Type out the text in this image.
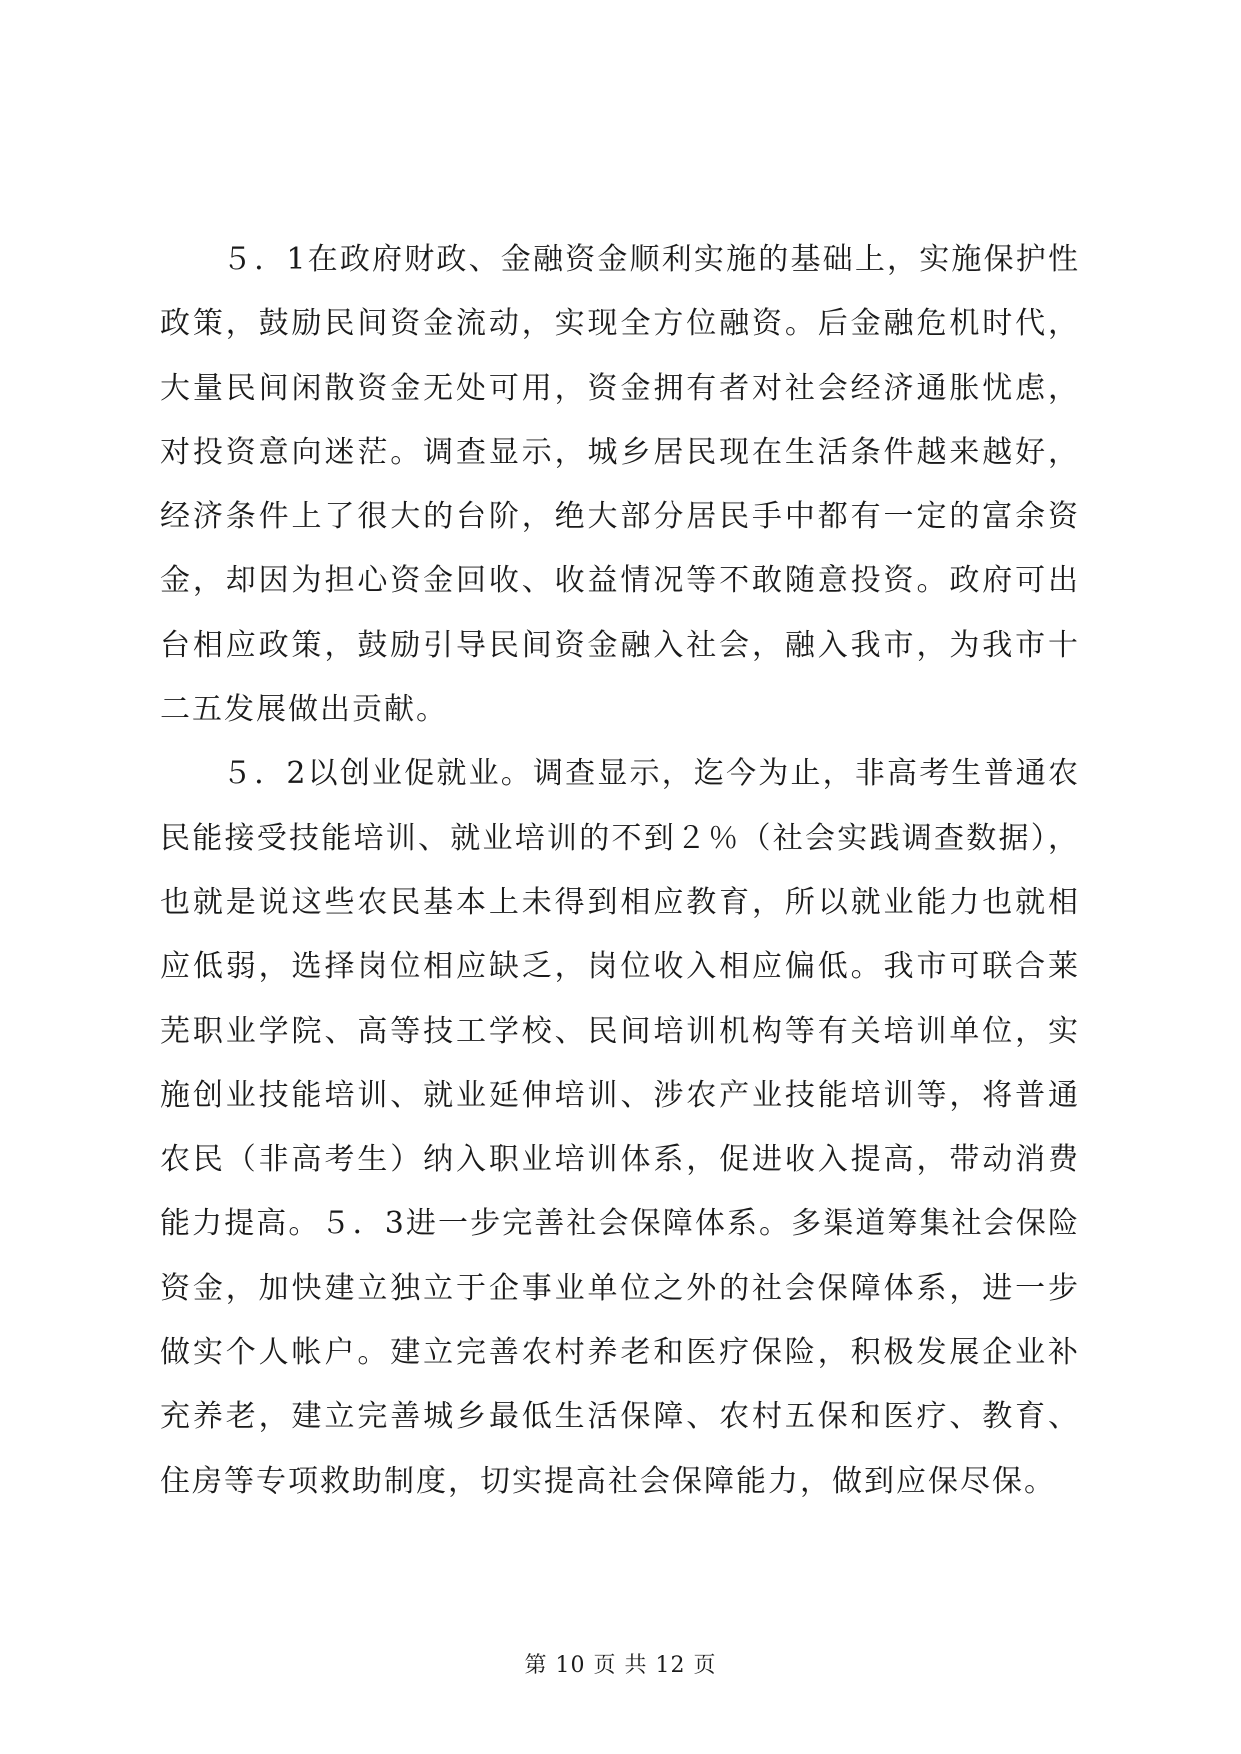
５．1在政府财政、金融资金顺利实施的基础上，实施保护性政策，鼓励民间资金流动，实现全方位融资。后金融危机时代，大量民间闲散资金无处可用，资金拥有者对社会经济通胀忧虑，对投资意向迷茫。调查显示，城乡居民现在生活条件越来越好，经济条件上了很大的台阶，绝大部分居民手中都有一定的富余资金，却因为担心资金回收、收益情况等不敢随意投资。政府可出台相应政策，鼓励引导民间资金融入社会，融入我市，为我市十二五发展做出贡献。

５．2以创业促就业。调查显示，迄今为止，非高考生普通农民能接受技能培训、就业培训的不到２％（社会实践调查数据），也就是说这些农民基本上未得到相应教育，所以就业能力也就相应低弱，选择岗位相应缺乏，岗位收入相应偏低。我市可联合莱芜职业学院、高等技工学校、民间培训机构等有关培训单位，实施创业技能培训、就业延伸培训、涉农产业技能培训等，将普通农民（非高考生）纳入职业培训体系，促进收入提高，带动消费能力提高。５．3进一步完善社会保障体系。多渠道筹集社会保险资金，加快建立独立于企事业单位之外的社会保障体系，进一步做实个人帐户。建立完善农村养老和医疗保险，积极发展企业补充养老，建立完善城乡最低生活保障、农村五保和医疗、教育、住房等专项救助制度，切实提高社会保障能力，做到应保尽保。

第 10 页 共 12 页
